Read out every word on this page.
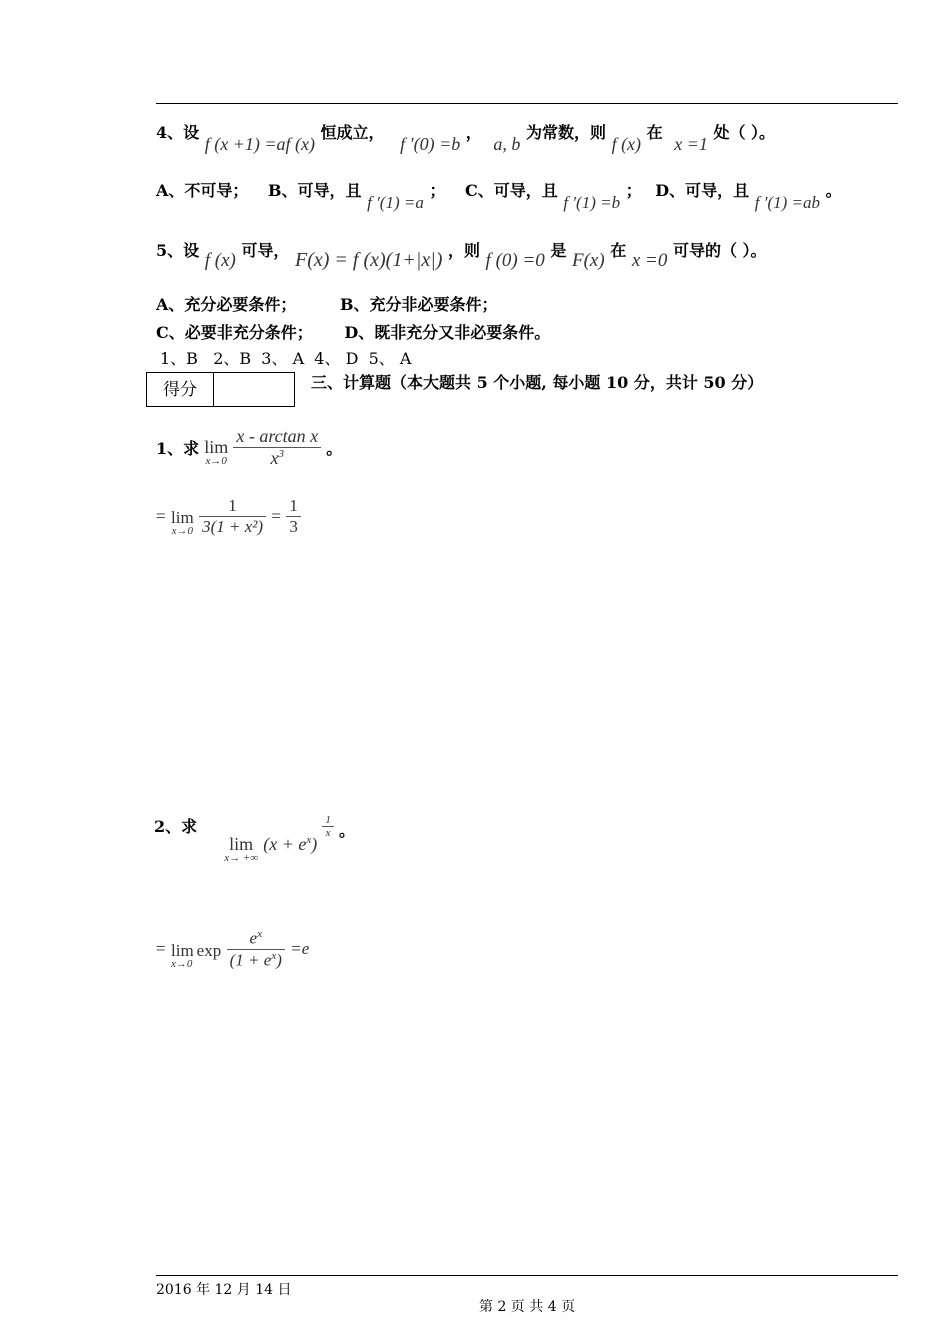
4、设 f (x +1) =af (x) 恒成立， f ′(0) =b ， a, b 为常数，则 f (x) 在 x =1 处（ ）。
A、不可导； B、可导，且 f ′(1) =a ； C、可导，且 f ′(1) =b ； D、可导，且 f ′(1) =ab 。
5、设 f (x) 可导， F(x) = f (x)(1+|x|) ，则 f (0) =0 是 F(x) 在 x =0 可导的（ ）。
A、充分必要条件；	B、充分非必要条件；
C、必要非充分条件； D、既非充分又非必要条件。
1、B   2、B  3、 A  4、 D  5、 A
得分	三、计算题（本大题共 5 个小题, 每小题 10 分，共计 50 分）
1、求 lim
x→0
$\frac{\text{x - arctan x}}{x^3}$ 。
= lim
x→0
$\frac{1}{\text{3(1 + x²)}} = \frac{1}{3}$
2、求
lim
x→ +∞
$(x + e^x)$
$\frac{1}{x}$ 。
= lim exp
x→0
	$\frac{e^x}{(1 + e^x)} =e$
2016 年 12 月 14 日
第 2 页 共 4 页
